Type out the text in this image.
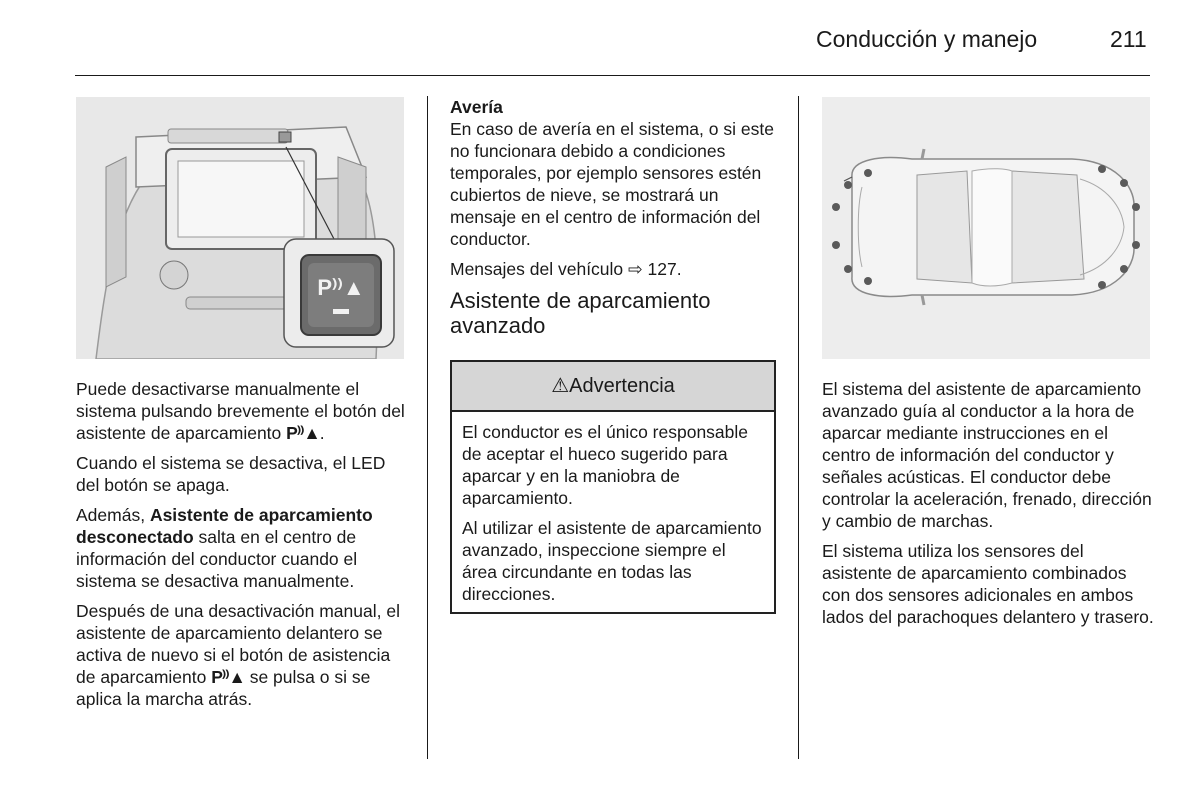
Conducción y manejo	211
P⁾⁾▲

Puede desactivarse manualmente el sistema pulsando brevemente el botón del asistente de aparcamiento P⁾⁾▲.

Cuando el sistema se desactiva, el LED del botón se apaga.

Además, Asistente de aparcamiento desconectado salta en el centro de información del conductor cuando el sistema se desactiva manualmente.

Después de una desactivación manual, el asistente de aparcamiento delantero se activa de nuevo si el botón de asistencia de aparcamiento P⁾⁾▲ se pulsa o si se aplica la marcha atrás.

Avería

En caso de avería en el sistema, o si este no funcionara debido a condiciones temporales, por ejemplo sensores estén cubiertos de nieve, se mostrará un mensaje en el centro de información del conductor.

Mensajes del vehículo ⇨ 127.

Asistente de aparcamiento avanzado
⚠Advertencia

El conductor es el único responsable de aceptar el hueco sugerido para aparcar y en la maniobra de aparcamiento.

Al utilizar el asistente de aparcamiento avanzado, inspeccione siempre el área circundante en todas las direcciones.

El sistema del asistente de aparcamiento avanzado guía al conductor a la hora de aparcar mediante instrucciones en el centro de información del conductor y señales acústicas. El conductor debe controlar la aceleración, frenado, dirección y cambio de marchas.

El sistema utiliza los sensores del asistente de aparcamiento combinados con dos sensores adicionales en ambos lados del parachoques delantero y trasero.
